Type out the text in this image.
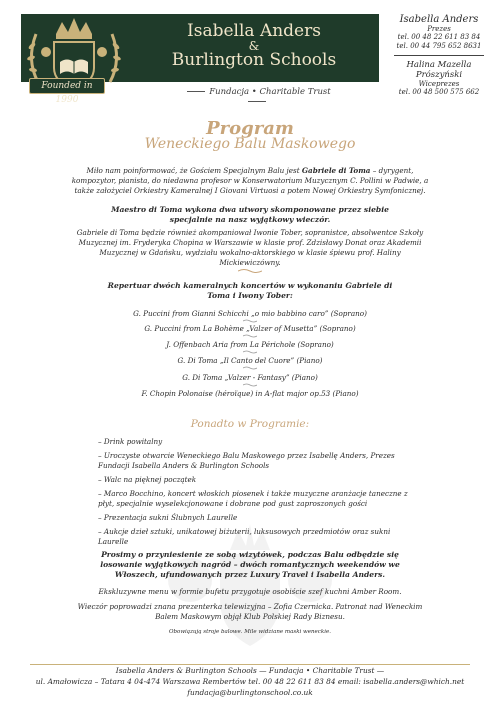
Isabella Anders
&
Burlington Schools
Founded in 1990
Fundacja • Charitable Trust
Isabella Anders
Prezes
tel. 00 48 22 611 83 84
tel. 00 44 795 652 8631
Halina Mazella Prószyński
Wiceprezes
tel. 00 48 500 575 662
Program
Weneckiego Balu Maskowego
Miło nam poinformować, że Gościem Specjalnym Balu jest Gabriele di Toma – dyrygent, kompozytor, pianista, do niedawna profesor w Konserwatorium Muzycznym C. Pollini w Padwie, a także założyciel Orkiestry Kameralnej I Giovani Virtuosi a potem Nowej Orkiestry Symfonicznej.
Maestro di Toma wykona dwa utwory skomponowane przez siebie specjalnie na nasz wyjątkowy wieczór.
Gabriele di Toma będzie również akompaniował Iwonie Tober, sopranistce, absolwentce Szkoły Muzycznej im. Fryderyka Chopina w Warszawie w klasie prof. Zdzisławy Donat oraz Akademii Muzycznej w Gdańsku, wydziału wokalno-aktorskiego w klasie śpiewu prof. Haliny Mickiewiczówny.
Repertuar dwóch kameralnych koncertów w wykonaniu Gabriele di Toma i Iwony Tober:
G. Puccini from Gianni Schicchi „o mio babbino caro” (Soprano)
G. Puccini from La Bohème „Valzer of Musetta” (Soprano)
J. Offenbach Aria from La Périchole (Soprano)
G. Di Toma „Il Canto del Cuore” (Piano)
G. Di Toma „Valzer - Fantasy” (Piano)
F. Chopin Polonaise (héroïque) in A-flat major op.53 (Piano)
Ponadto w Programie:
– Drink powitalny
– Uroczyste otwarcie Weneckiego Balu Maskowego przez Isabellę Anders, Prezes Fundacji Isabella Anders & Burlington Schools
– Walc na pięknej początek
– Marco Bocchino, koncert włoskich piosenek i także muzyczne aranżacje taneczne z płyt, specjalnie wyselekcjonowane i dobrane pod gust zaproszonych gości
– Prezentacja sukni Ślubnych Laurelle
– Aukcje dzieł sztuki, unikatowej biżuterii, luksusowych przedmiotów oraz sukni Laurelle
Prosimy o przyniesienie ze sobą wizytówek, podczas Balu odbędzie się losowanie wyjątkowych nagród – dwóch romantycznych weekendów we Włoszech, ufundowanych przez Luxury Travel i Isabella Anders.
Ekskluzywne menu w formie bufetu przygotuje osobiście szef kuchni Amber Room.
Wieczór poprowadzi znana prezenterka telewizyjna – Zofia Czernicka. Patronat nad Weneckim Balem Maskowym objął Klub Polskiej Rady Biznesu.
Obowiązują stroje balowe. Mile widziane maski weneckie.
Isabella Anders & Burlington Schools — Fundacja • Charitable Trust —
ul. Amałowicza – Tatara 4 04-474 Warszawa Rembertów tel. 00 48 22 611 83 84 email: isabella.anders@which.net
fundacja@burlingtonschool.co.uk
